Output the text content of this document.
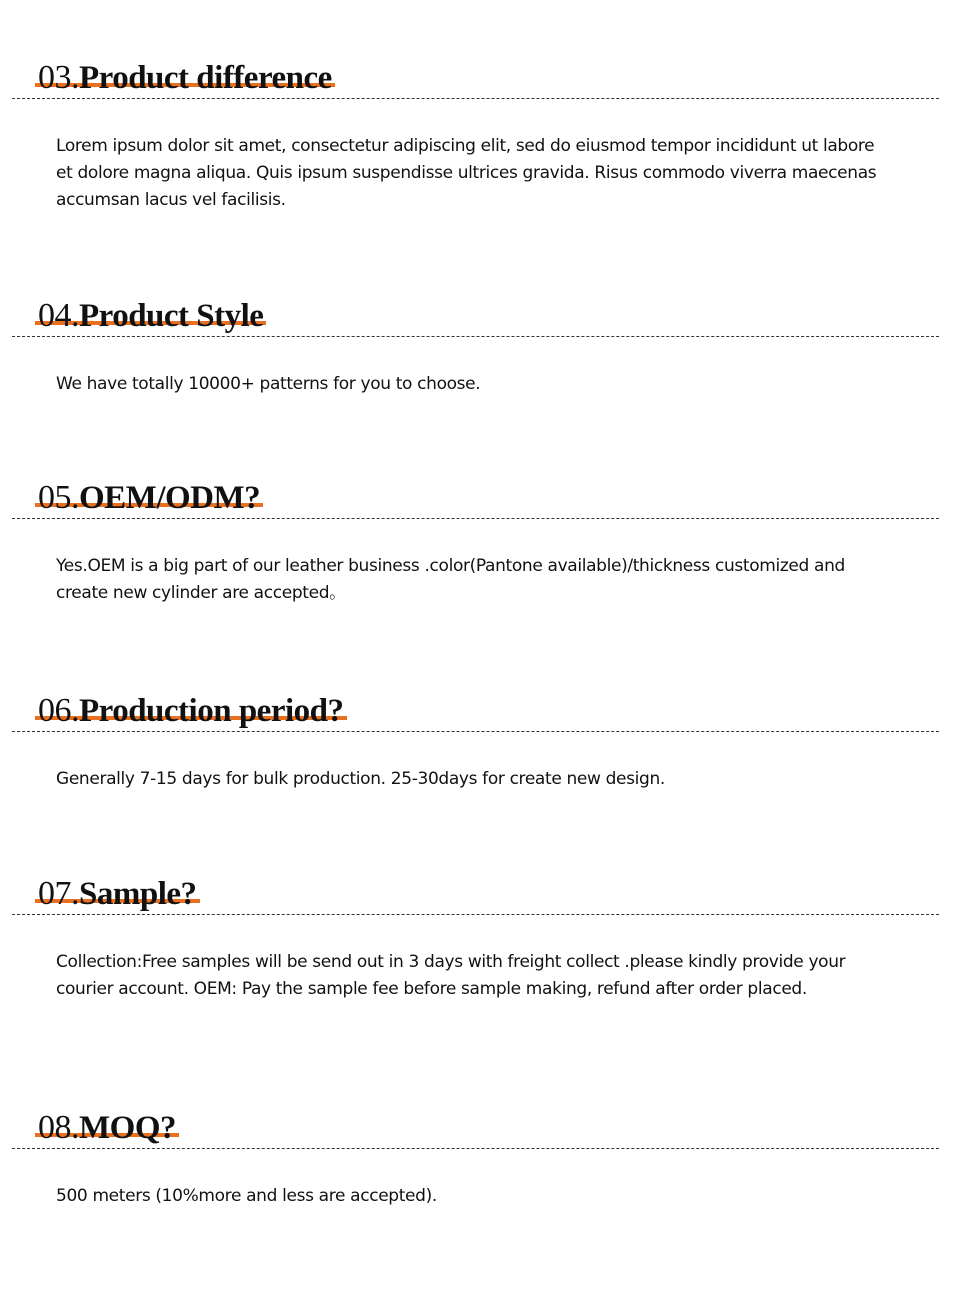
03.Product difference

Lorem ipsum dolor sit amet, consectetur adipiscing elit, sed do eiusmod tempor incididunt ut labore et dolore magna aliqua. Quis ipsum suspendisse ultrices gravida. Risus commodo viverra maecenas accumsan lacus vel facilisis.

04.Product Style

We have totally 10000+ patterns for you to choose.

05.OEM/ODM?

Yes.OEM is a big part of our leather business .color(Pantone available)/thickness customized and create new cylinder are accepted。

06.Production period?

Generally 7-15 days for bulk production. 25-30days for create new design.

07.Sample?

Collection:Free samples will be send out in 3 days with freight collect .please kindly provide your courier account. OEM: Pay the sample fee before sample making, refund after order placed.

08.MOQ?

500 meters (10%more and less are accepted).
